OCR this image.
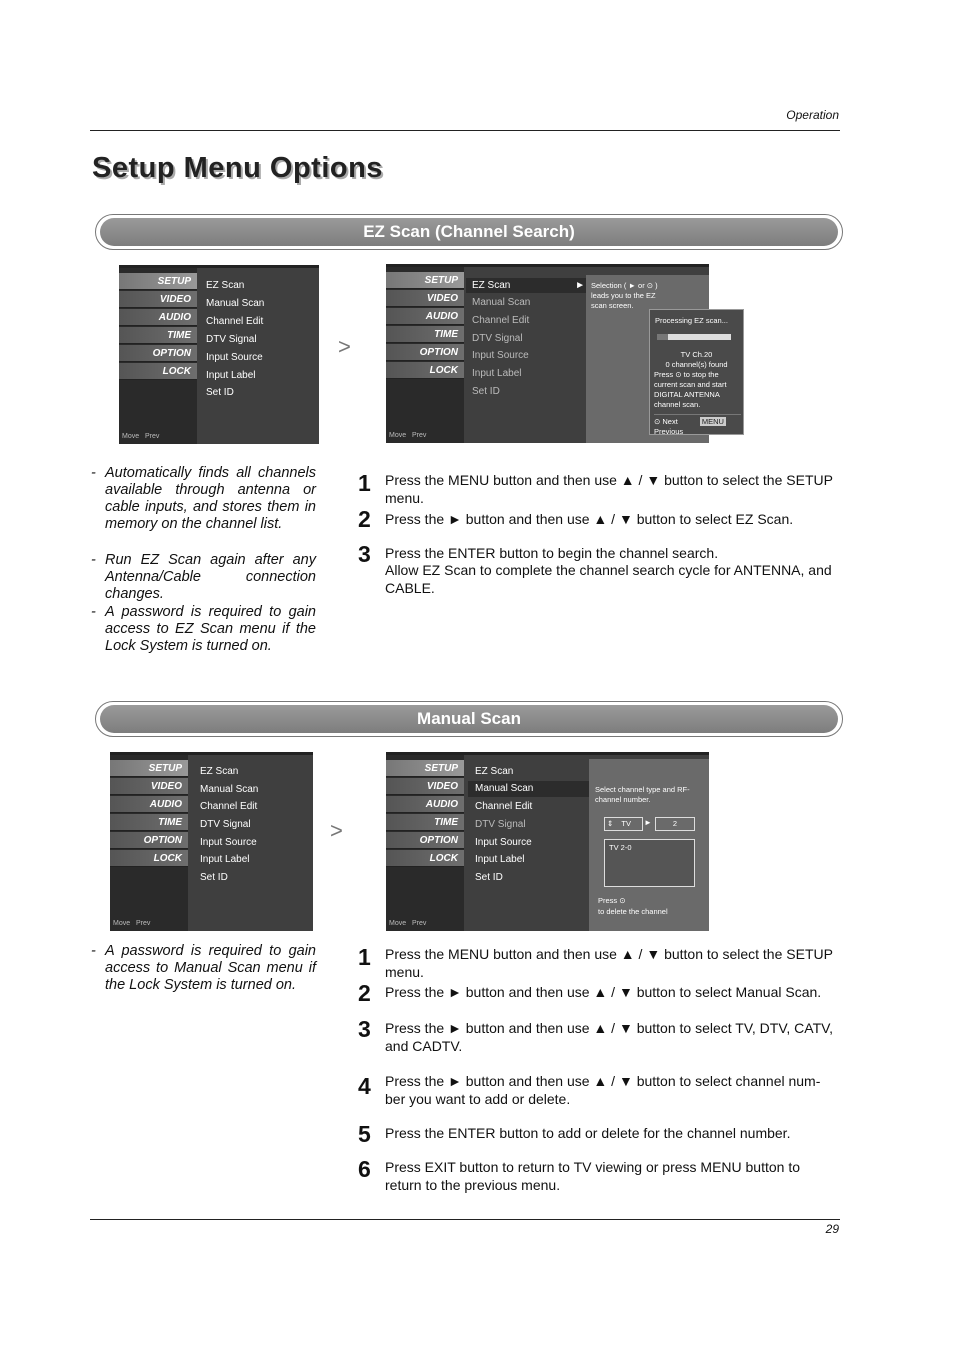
Operation
Setup Menu Options
EZ Scan (Channel Search)
SETUP
VIDEO
AUDIO
TIME
OPTION
LOCK
Move Prev
EZ Scan
Manual Scan
Channel Edit
DTV Signal
Input Source
Input Label
Set ID
>
SETUP
VIDEO
AUDIO
TIME
OPTION
LOCK
Move Prev
EZ Scan	►
Manual Scan
Channel Edit
DTV Signal
Input Source
Input Label
Set ID
Selection ( ► or ⊙ ) leads you to the EZ scan screen.
Processing EZ scan...
TV Ch.20
0 channel(s) found
Press ⊙ to stop the current scan and start DIGITAL ANTENNA channel scan.
⊙ Next	MENU Previous
- Automatically finds all channels available through antenna or cable inputs, and stores them in memory on the channel list.
- Run EZ Scan again after any Antenna/Cable connection changes.
- A password is required to gain access to EZ Scan menu if the Lock System is turned on.
1 Press the MENU button and then use ▲ / ▼ button to select the SETUP menu.
2 Press the ► button and then use ▲ / ▼ button to select EZ Scan.
3 Press the ENTER button to begin the channel search.
Allow EZ Scan to complete the channel search cycle for ANTENNA, and CABLE.
Manual Scan
SETUP
VIDEO
AUDIO
TIME
OPTION
LOCK
Move Prev
EZ Scan
Manual Scan
Channel Edit
DTV Signal
Input Source
Input Label
Set ID
>
SETUP
VIDEO
AUDIO
TIME
OPTION
LOCK
Move Prev
EZ Scan
Manual Scan
Channel Edit
DTV Signal
Input Source
Input Label
Set ID
Select channel type and RF-channel number.
⇕ TV	►	2
TV 2-0
Press ⊙
to delete the channel
- A password is required to gain access to Manual Scan menu if the Lock System is turned on.
1 Press the MENU button and then use ▲ / ▼ button to select the SETUP menu.
2 Press the ► button and then use ▲ / ▼ button to select Manual Scan.
3 Press the ► button and then use ▲ / ▼ button to select TV, DTV, CATV, and CADTV.
4 Press the ► button and then use ▲ / ▼ button to select channel num- ber you want to add or delete.
5 Press the ENTER button to add or delete for the channel number.
6 Press EXIT button to return to TV viewing or press MENU button to return to the previous menu.
29
